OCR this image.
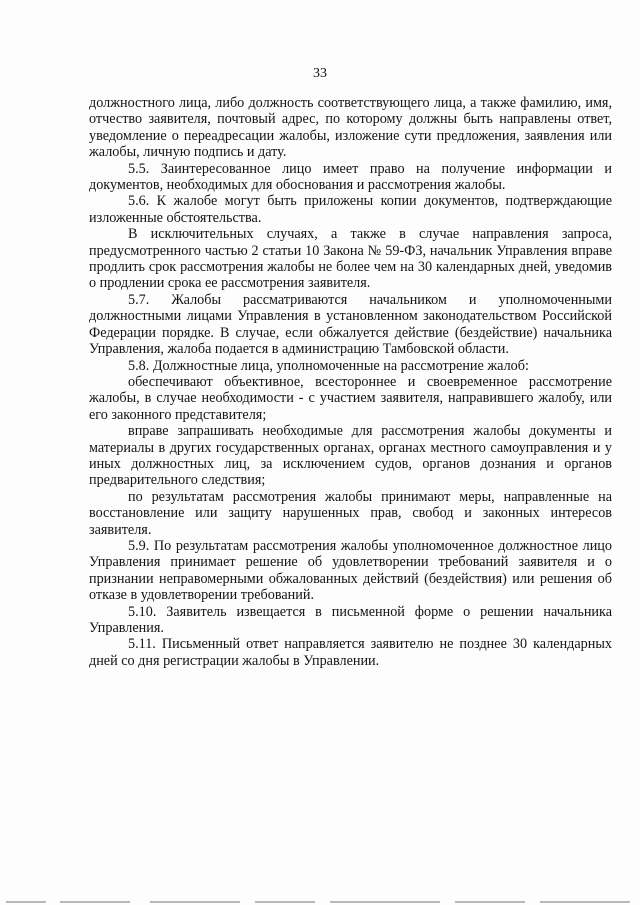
33

должностного лица, либо должность соответствующего лица, а также фамилию, имя, отчество заявителя, почтовый адрес, по которому должны быть направлены ответ, уведомление о переадресации жалобы, изложение сути предложения, заявления или жалобы, личную подпись и дату.

5.5. Заинтересованное лицо имеет право на получение информации и документов, необходимых для обоснования и рассмотрения жалобы.

5.6. К жалобе могут быть приложены копии документов, подтверждающие изложенные обстоятельства.

В исключительных случаях, а также в случае направления запроса, предусмотренного частью 2 статьи 10 Закона № 59-ФЗ, начальник Управления вправе продлить срок рассмотрения жалобы не более чем на 30 календарных дней, уведомив о продлении срока ее рассмотрения заявителя.

5.7. Жалобы рассматриваются начальником и уполномоченными должностными лицами Управления в установленном законодательством Российской Федерации порядке. В случае, если обжалуется действие (бездействие) начальника Управления, жалоба подается в администрацию Тамбовской области.

5.8. Должностные лица, уполномоченные на рассмотрение жалоб:

обеспечивают объективное, всестороннее и своевременное рассмотрение жалобы, в случае необходимости - с участием заявителя, направившего жалобу, или его законного представителя;

вправе запрашивать необходимые для рассмотрения жалобы документы и материалы в других государственных органах, органах местного самоуправления и у иных должностных лиц, за исключением судов, органов дознания и органов предварительного следствия;

по результатам рассмотрения жалобы принимают меры, направленные на восстановление или защиту нарушенных прав, свобод и законных интересов заявителя.

5.9. По результатам рассмотрения жалобы уполномоченное должностное лицо Управления принимает решение об удовлетворении требований заявителя и о признании неправомерными обжалованных действий (бездействия) или решения об отказе в удовлетворении требований.

5.10. Заявитель извещается в письменной форме о решении начальника Управления.

5.11. Письменный ответ направляется заявителю не позднее 30 календарных дней со дня регистрации жалобы в Управлении.
